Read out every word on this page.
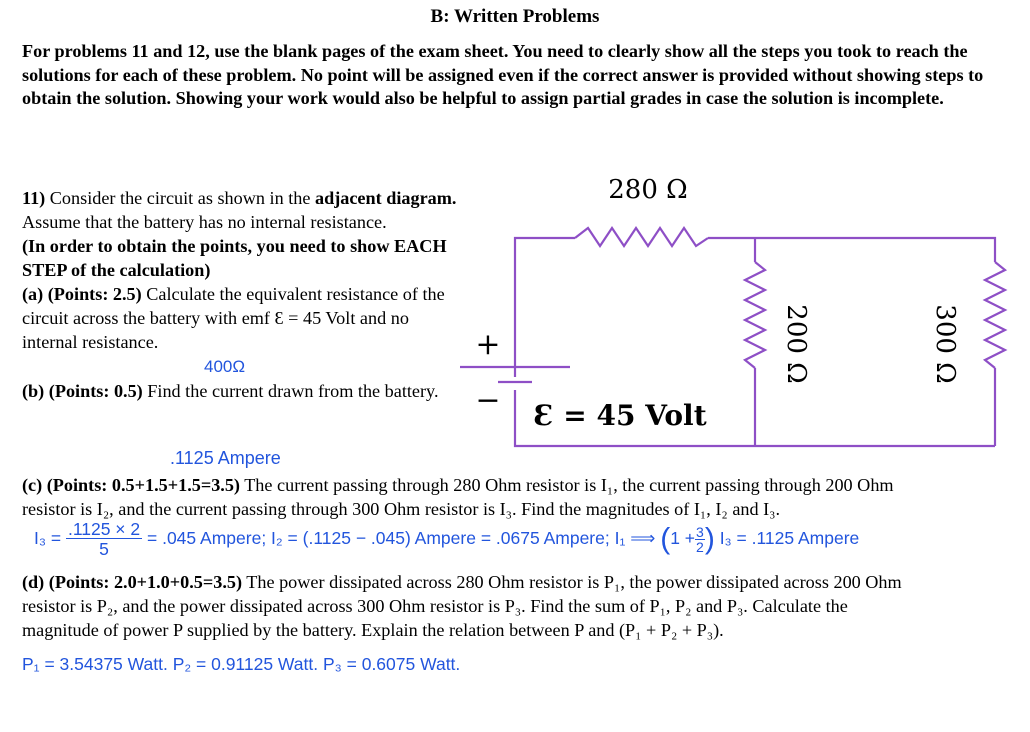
B: Written Problems
For problems 11 and 12, use the blank pages of the exam sheet. You need to clearly show all the steps you took to reach the solutions for each of these problem. No point will be assigned even if the correct answer is provided without showing steps to obtain the solution. Showing your work would also be helpful to assign partial grades in case the solution is incomplete.
11) Consider the circuit as shown in the adjacent diagram. Assume that the battery has no internal resistance.
(In order to obtain the points, you need to show EACH STEP of the calculation)
(a) (Points: 2.5) Calculate the equivalent resistance of the circuit across the battery with emf Ɛ = 45 Volt and no internal resistance.
400Ω
(b) (Points: 0.5) Find the current drawn from the battery.
.1125 Ampere
(c) (Points: 0.5+1.5+1.5=3.5) The current passing through 280 Ohm resistor is I₁, the current passing through 200 Ohm
resistor is I₂, and the current passing through 300 Ohm resistor is I₃. Find the magnitudes of I₁, I₂ and I₃.
$I_3 = \frac{.1125 \times 2}{5} = .045$ Ampere; I₂ = (.1125 − .045) Ampere = .0675 Ampere; I₁ ⟹ ($1 + \frac{3}{2}$ ) I₃ = .1125 Ampere
(d) (Points: 2.0+1.0+0.5=3.5) The power dissipated across 280 Ohm resistor is P₁, the power dissipated across 200 Ohm
resistor is P₂, and the power dissipated across 300 Ohm resistor is P₃. Find the sum of P₁, P₂ and P₃. Calculate the
magnitude of power P supplied by the battery. Explain the relation between P and (P₁ + P₂ + P₃).
P₁ = 3.54375 Watt. P₂ = 0.91125 Watt. P₃ = 0.6075 Watt.
280 Ω
+
− Ɛ = 45 Volt
200 Ω	300 Ω
